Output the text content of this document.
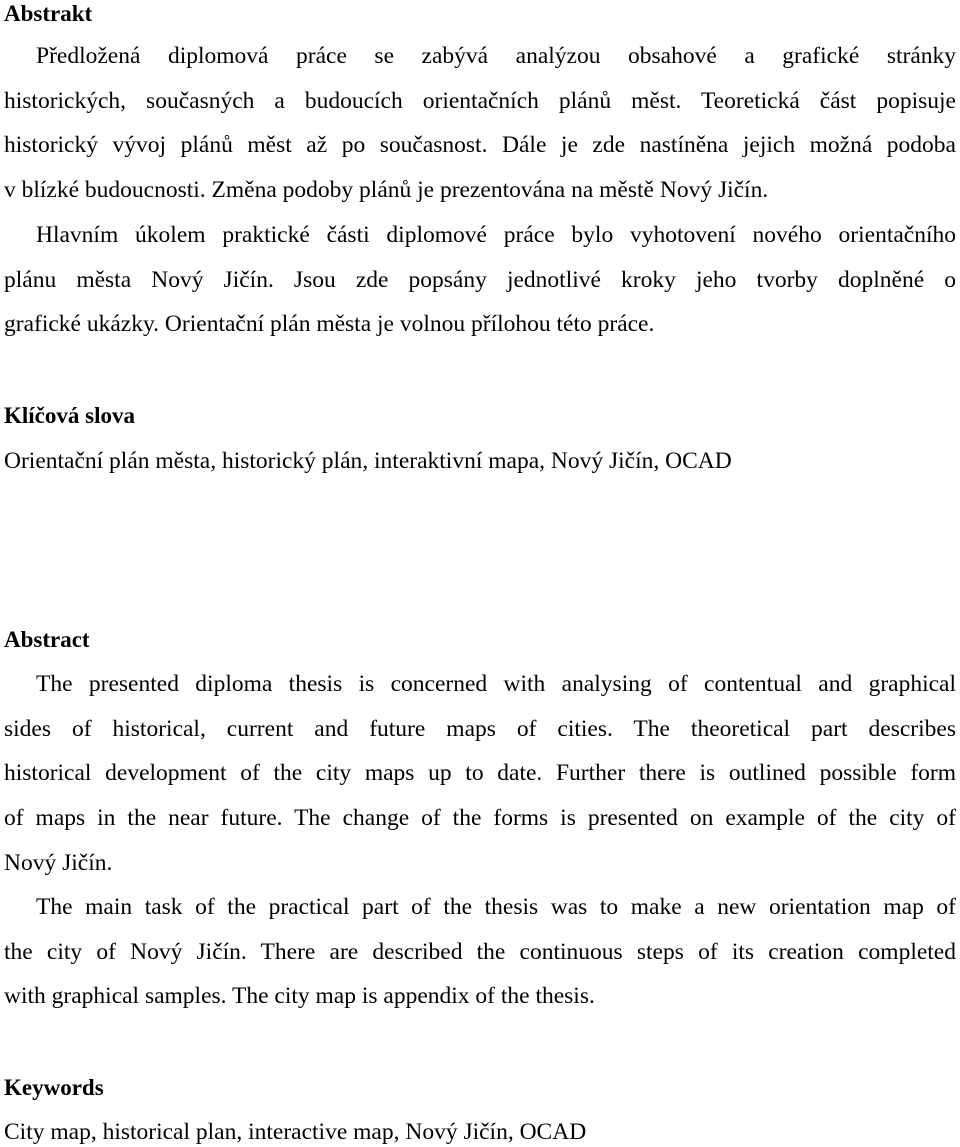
Abstrakt

Předložená diplomová práce se zabývá analýzou obsahové a grafické stránky
historických, současných a budoucích orientačních plánů měst. Teoretická část popisuje
historický vývoj plánů měst až po současnost. Dále je zde nastíněna jejich možná podoba
v blízké budoucnosti. Změna podoby plánů je prezentována na městě Nový Jičín.

Hlavním úkolem praktické části diplomové práce bylo vyhotovení nového orientačního
plánu města Nový Jičín. Jsou zde popsány jednotlivé kroky jeho tvorby doplněné o
grafické ukázky. Orientační plán města je volnou přílohou této práce.

Klíčová slova

Orientační plán města, historický plán, interaktivní mapa, Nový Jičín, OCAD

Abstract

The presented diploma thesis is concerned with analysing of contentual and graphical
sides of historical, current and future maps of cities. The theoretical part describes
historical development of the city maps up to date. Further there is outlined possible form
of maps in the near future. The change of the forms is presented on example of the city of
Nový Jičín.

The main task of the practical part of the thesis was to make a new orientation map of
the city of Nový Jičín. There are described the continuous steps of its creation completed
with graphical samples. The city map is appendix of the thesis.

Keywords

City map, historical plan, interactive map, Nový Jičín, OCAD
